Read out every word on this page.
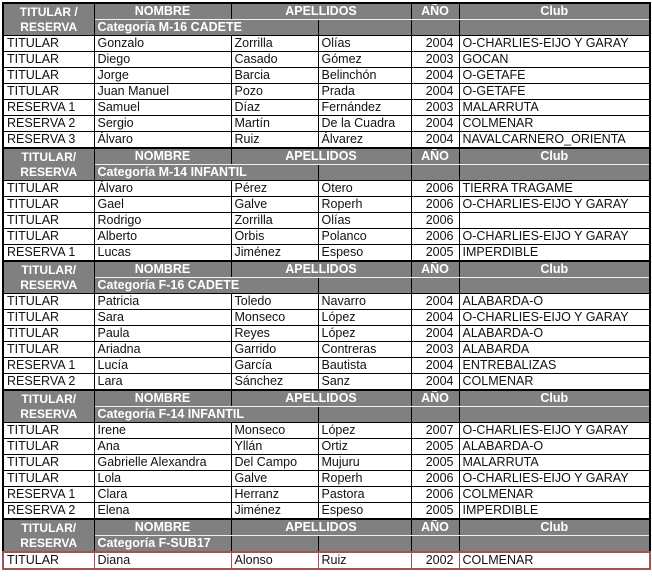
TITULAR /
RESERVA	NOMBRE	APELLIDOS		AÑO	Club
	Categoría M-16 CADETE				
TITULAR	Gonzalo	Zorrilla	Olías	2004	O-CHARLIES-EIJO Y GARAY
TITULAR	Diego	Casado	Gómez	2003	GOCAN
TITULAR	Jorge	Barcia	Belinchón	2004	O-GETAFE
TITULAR	Juan Manuel	Pozo	Prada	2004	O-GETAFE
RESERVA 1	Samuel	Díaz	Fernández	2003	MALARRUTA
RESERVA 2	Sergio	Martín	De la Cuadra	2004	COLMENAR
RESERVA 3	Álvaro	Ruiz	Álvarez	2004	NAVALCARNERO_ORIENTA

TITULAR/
RESERVA	NOMBRE	APELLIDOS		AÑO	Club
	Categoría M-14 INFANTIL				
TITULAR	Álvaro	Pérez	Otero	2006	TIERRA TRAGAME
TITULAR	Gael	Galve	Roperh	2006	O-CHARLIES-EIJO Y GARAY
TITULAR	Rodrigo	Zorrilla	Olías	2006	
TITULAR	Alberto	Orbis	Polanco	2006	O-CHARLIES-EIJO Y GARAY
RESERVA 1	Lucas	Jiménez	Espeso	2005	IMPERDIBLE

TITULAR/
RESERVA	NOMBRE	APELLIDOS		AÑO	Club
	Categoría F-16 CADETE				
TITULAR	Patricia	Toledo	Navarro	2004	ALABARDA-O
TITULAR	Sara	Monseco	López	2004	O-CHARLIES-EIJO Y GARAY
TITULAR	Paula	Reyes	López	2004	ALABARDA-O
TITULAR	Ariadna	Garrido	Contreras	2003	ALABARDA
RESERVA 1	Lucía	García	Bautista	2004	ENTREBALIZAS
RESERVA 2	Lara	Sánchez	Sanz	2004	COLMENAR

TITULAR/
RESERVA	NOMBRE	APELLIDOS		AÑO	Club
	Categoría F-14 INFANTIL				
TITULAR	Irene	Monseco	López	2007	O-CHARLIES-EIJO Y GARAY
TITULAR	Ana	Yllán	Ortiz	2005	ALABARDA-O
TITULAR	Gabrielle Alexandra	Del Campo	Mujuru	2005	MALARRUTA
TITULAR	Lola	Galve	Roperh	2006	O-CHARLIES-EIJO Y GARAY
RESERVA 1	Clara	Herranz	Pastora	2006	COLMENAR
RESERVA 2	Elena	Jiménez	Espeso	2005	IMPERDIBLE

TITULAR/
RESERVA	NOMBRE	APELLIDOS		AÑO	Club
	Categoría F-SUB17				
TITULAR	Diana	Alonso	Ruiz	2002	COLMENAR
